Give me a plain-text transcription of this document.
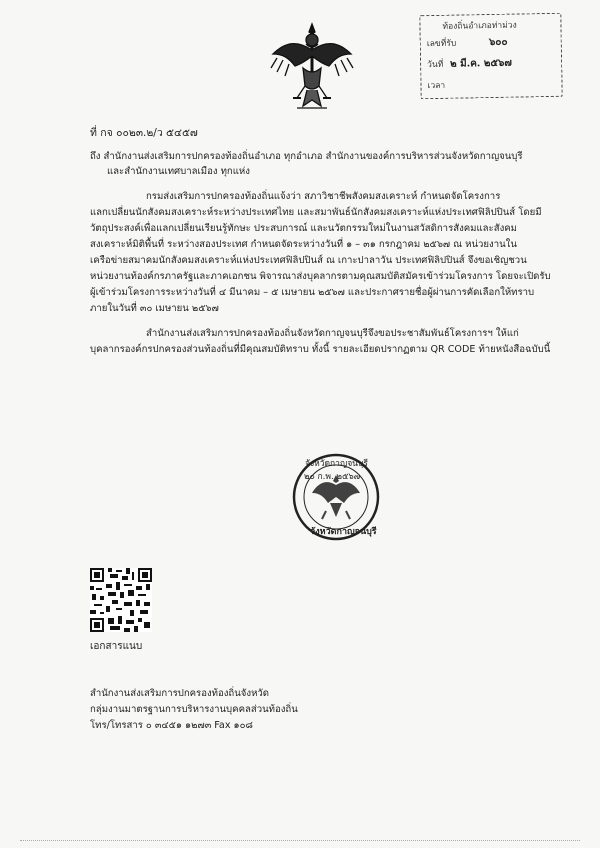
ท้องถิ่นอำเภอท่าม่วง
เลขที่รับ	๖๐๐
วันที่ ๒ มี.ค. ๒๕๖๗
เวลา
ที่ กจ ๐๐๒๓.๒/ว ๕๔๕๗
ถึง สำนักงานส่งเสริมการปกครองท้องถิ่นอำเภอ ทุกอำเภอ สำนักงานของค์การบริหารส่วนจังหวัดกาญจนบุรี
และสำนักงานเทศบาลเมือง ทุกแห่ง
กรมส่งเสริมการปกครองท้องถิ่นแจ้งว่า สภาวิชาชีพสังคมสงเคราะห์ กำหนดจัดโครงการ
แลกเปลี่ยนนักสังคมสงเคราะห์ระหว่างประเทศไทย และสมาพันธ์นักสังคมสงเคราะห์แห่งประเทศฟิลิปปินส์ โดยมี
วัตถุประสงค์เพื่อแลกเปลี่ยนเรียนรู้ทักษะ ประสบการณ์ และนวัตกรรมใหม่ในงานสวัสดิการสังคมและสังคม
สงเคราะห์มิติพื้นที่ ระหว่างสองประเทศ กำหนดจัดระหว่างวันที่ ๑ – ๓๑ กรกฎาคม ๒๕๖๗ ณ หน่วยงานใน
เครือข่ายสมาคมนักสังคมสงเคราะห์แห่งประเทศฟิลิปปินส์ ณ เกาะปาลาวัน ประเทศฟิลิปปินส์ จึงขอเชิญชวน
หน่วยงานท้องค์กรภาครัฐและภาคเอกชน พิจารณาส่งบุคลากรตามคุณสมบัติสมัครเข้าร่วมโครงการ โดยจะเปิดรับ
ผู้เข้าร่วมโครงการระหว่างวันที่ ๔ มีนาคม – ๕ เมษายน ๒๕๖๗ และประกาศรายชื่อผู้ผ่านการคัดเลือกให้ทราบ
ภายในวันที่ ๓๐ เมษายน ๒๕๖๗
สำนักงานส่งเสริมการปกครองท้องถิ่นจังหวัดกาญจนบุรีจึงขอประชาสัมพันธ์โครงการฯ ให้แก่
บุคลากรองค์กรปกครองส่วนท้องถิ่นที่มีคุณสมบัติทราบ ทั้งนี้ รายละเอียดปรากฏตาม QR CODE ท้ายหนังสือฉบับนี้
จังหวัดกาญจนบุรี
๒๐ ก.พ. ๒๕๖๗
จังหวัดกาญจนบุรี
เอกสารแนบ
สำนักงานส่งเสริมการปกครองท้องถิ่นจังหวัด
กลุ่มงานมาตรฐานการบริหารงานบุคคลส่วนท้องถิ่น
โทร/โทรสาร ๐ ๓๔๕๑ ๑๒๗๓ Fax ๑๐๘
